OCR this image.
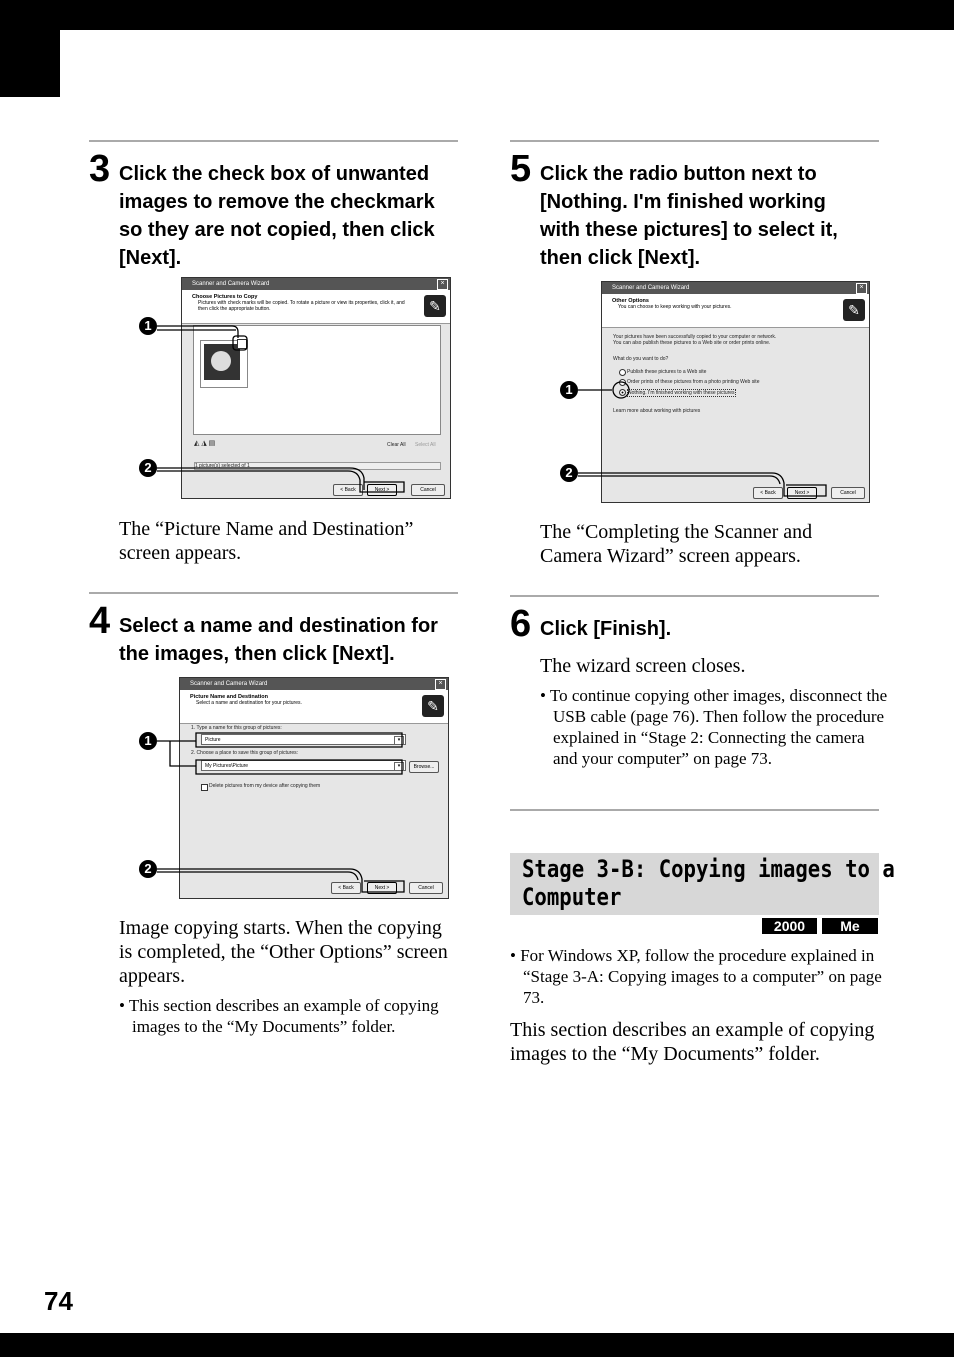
74
3 Click the check box of unwanted images to remove the checkmark so they are not copied, then click [Next].

Scanner and Camera Wizard	×
Choose Pictures to Copy
Pictures with check marks will be copied. To rotate a picture or view its properties, click it, and then click the appropriate button.	✎
◭ ◮ ▤	Clear All Select All
1 picture(s) selected of 1
< Back	Next >	Cancel
1
2

The “Picture Name and Destination” screen appears.

4 Select a name and destination for the images, then click [Next].

Scanner and Camera Wizard	×
Picture Name and Destination
Select a name and destination for your pictures.	✎
1. Type a name for this group of pictures:
Picture	▾
2. Choose a place to save this group of pictures:
My Pictures\Picture	▾	Browse...
Delete pictures from my device after copying them
< Back	Next >	Cancel
1
2

Image copying starts. When the copying is completed, the “Other Options” screen appears.

• This section describes an example of copying images to the “My Documents” folder.

5 Click the radio button next to [Nothing. I'm finished working with these pictures] to select it, then click [Next].

Scanner and Camera Wizard	×
Other Options
You can choose to keep working with your pictures.	✎
Your pictures have been successfully copied to your computer or network.
You can also publish these pictures to a Web site or order prints online.
What do you want to do?
Publish these pictures to a Web site
Order prints of these pictures from a photo printing Web site
Nothing. I'm finished working with these pictures
Learn more about working with pictures
< Back	Next >	Cancel
1
2

The “Completing the Scanner and Camera Wizard” screen appears.

6 Click [Finish].

The wizard screen closes.

• To continue copying other images, disconnect the USB cable (page 76). Then follow the procedure explained in “Stage 2: Connecting the camera and your computer” on page 73.

Stage 3-B: Copying images to a
Computer

2000	Me

• For Windows XP, follow the procedure explained in “Stage 3-A: Copying images to a computer” on page 73.

This section describes an example of copying images to the “My Documents” folder.
